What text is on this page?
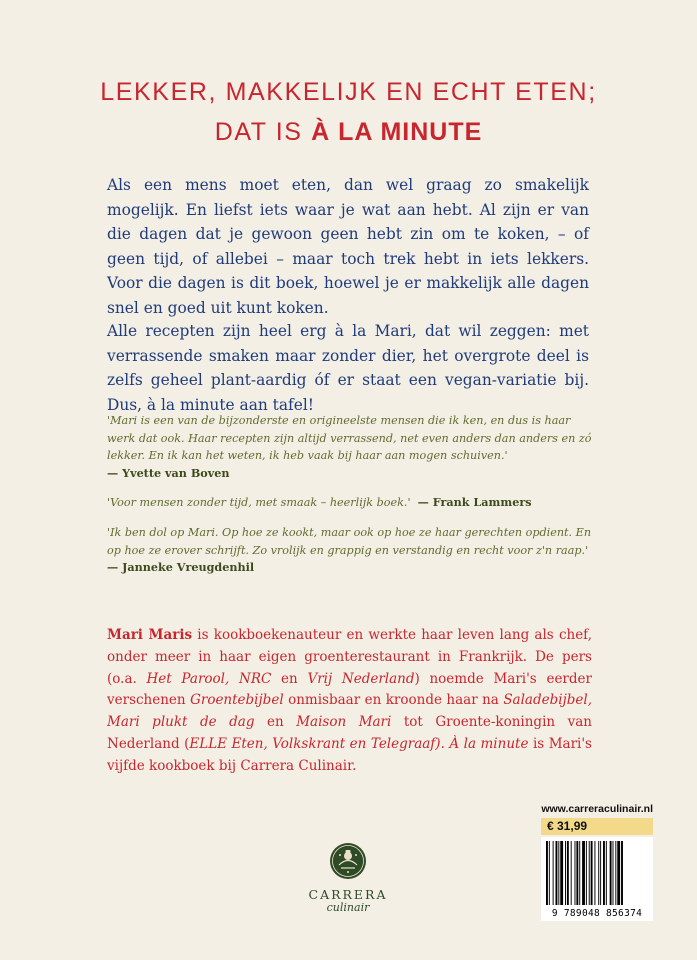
LEKKER, MAKKELIJK EN ECHT ETEN;
DAT IS À LA MINUTE

Als een mens moet eten, dan wel graag zo smakelijk mogelijk. En liefst iets waar je wat aan hebt. Al zijn er van die dagen dat je gewoon geen hebt zin om te koken, – of geen tijd, of allebei – maar toch trek hebt in iets lekkers. Voor die dagen is dit boek, hoewel je er makkelijk alle dagen snel en goed uit kunt koken.

Alle recepten zijn heel erg à la Mari, dat wil zeggen: met verrassende smaken maar zonder dier, het overgrote deel is zelfs geheel plant-aardig óf er staat een vegan-variatie bij. Dus, à la minute aan tafel!

'Mari is een van de bijzonderste en origineelste mensen die ik ken, en dus is haar werk dat ook. Haar recepten zijn altijd verrassend, net even anders dan anders en zó lekker. En ik kan het weten, ik heb vaak bij haar aan mogen schuiven.'
— Yvette van Boven
'Voor mensen zonder tijd, met smaak – heerlijk boek.' — Frank Lammers
'Ik ben dol op Mari. Op hoe ze kookt, maar ook op hoe ze haar gerechten opdient. En op hoe ze erover schrijft. Zo vrolijk en grappig en verstandig en recht voor z'n raap.'
— Janneke Vreugdenhil

Mari Maris is kookboekenauteur en werkte haar leven lang als chef, onder meer in haar eigen groenterestaurant in Frankrijk. De pers (o.a. Het Parool, NRC en Vrij Nederland) noemde Mari's eerder verschenen Groentebijbel onmisbaar en kroonde haar na Saladebijbel, Mari plukt de dag en Maison Mari tot Groente-koningin van Nederland (ELLE Eten, Volkskrant en Telegraaf). À la minute is Mari's vijfde kookboek bij Carrera Culinair.

CARRERA
culinair
www.carreraculinair.nl
€ 31,99
9 789048 856374
